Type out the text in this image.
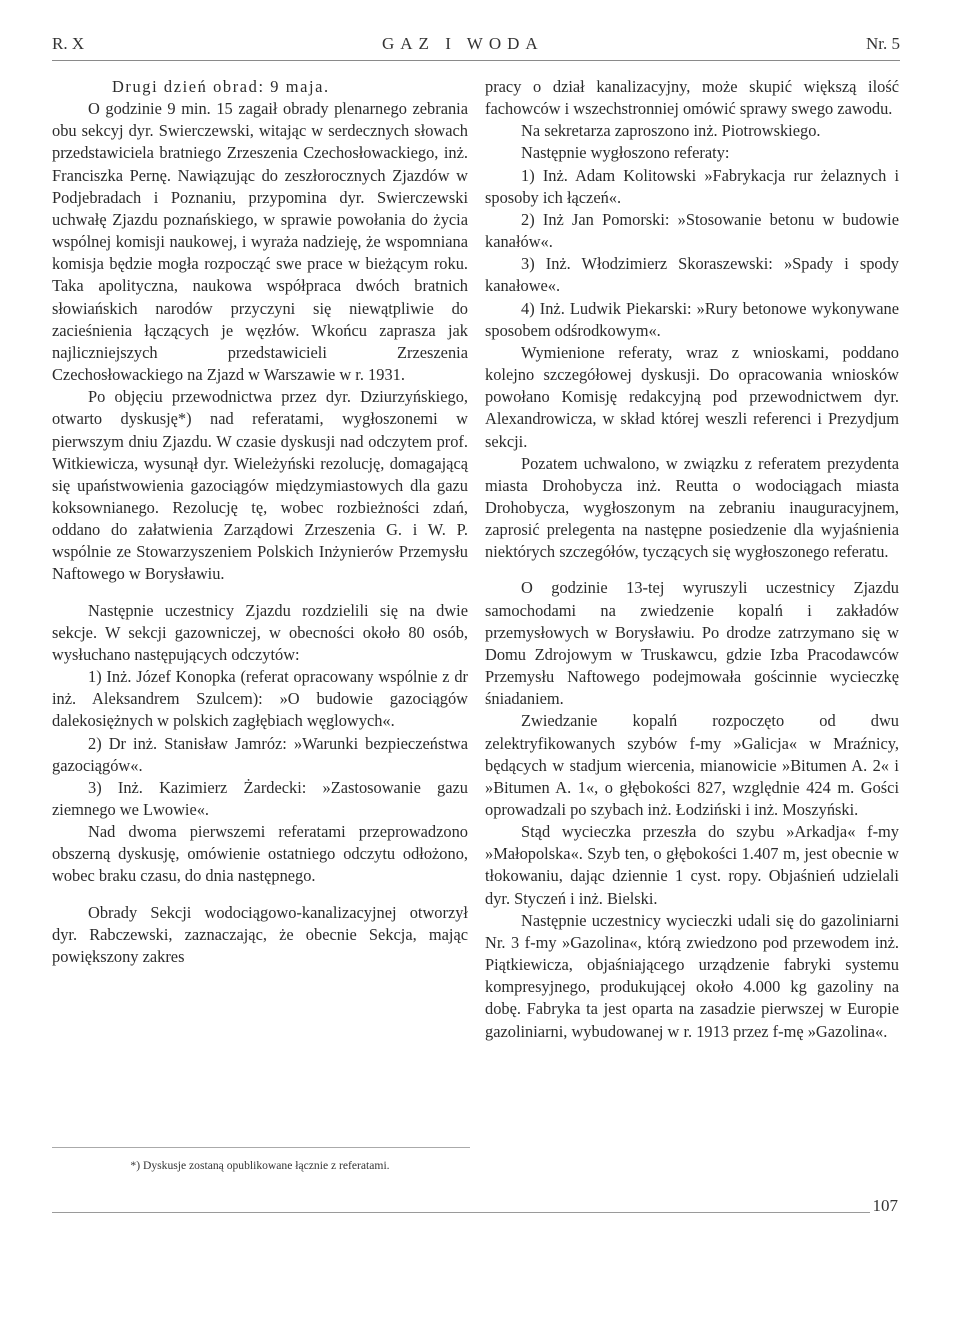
R. X	GAZ I WODA	Nr. 5

Drugi dzień obrad: 9 maja.

O godzinie 9 min. 15 zagaił obrady plenarnego zebrania obu sekcyj dyr. Swierczewski, witając w serdecznych słowach przedstawiciela bratniego Zrzeszenia Czechosłowackiego, inż. Franciszka Pernę. Nawiązując do zeszłorocznych Zjazdów w Podjebradach i Poznaniu, przypomina dyr. Swierczewski uchwałę Zjazdu poznańskiego, w sprawie powołania do życia wspólnej komisji naukowej, i wyraża nadzieję, że wspomniana komisja będzie mogła rozpocząć swe prace w bieżącym roku. Taka apolityczna, naukowa współpraca dwóch bratnich słowiańskich narodów przyczyni się niewątpliwie do zacieśnienia łączących je węzłów. Wkońcu zaprasza jak najliczniejszych przedstawicieli Zrzeszenia Czechosłowackiego na Zjazd w Warszawie w r. 1931.

Po objęciu przewodnictwa przez dyr. Dziurzyńskiego, otwarto dyskusję*) nad referatami, wygłoszonemi w pierwszym dniu Zjazdu. W czasie dyskusji nad odczytem prof. Witkiewicza, wysunął dyr. Wieleżyński rezolucję, domagającą się upaństwowienia gazociągów międzymiastowych dla gazu koksownianego. Rezolucję tę, wobec rozbieżności zdań, oddano do załatwienia Zarządowi Zrzeszenia G. i W. P. wspólnie ze Stowarzyszeniem Polskich Inżynierów Przemysłu Naftowego w Borysławiu.

Następnie uczestnicy Zjazdu rozdzielili się na dwie sekcje. W sekcji gazowniczej, w obecności około 80 osób, wysłuchano następujących odczytów:

1) Inż. Józef Konopka (referat opracowany wspólnie z dr inż. Aleksandrem Szulcem): »O budowie gazociągów dalekosiężnych w polskich zagłębiach węglowych«.

2) Dr inż. Stanisław Jamróz: »Warunki bezpieczeństwa gazociągów«.

3) Inż. Kazimierz Żardecki: »Zastosowanie gazu ziemnego we Lwowie«.

Nad dwoma pierwszemi referatami przeprowadzono obszerną dyskusję, omówienie ostatniego odczytu odłożono, wobec braku czasu, do dnia następnego.

Obrady Sekcji wodociągowo-kanalizacyjnej otworzył dyr. Rabczewski, zaznaczając, że obecnie Sekcja, mając powiększony zakres

*) Dyskusje zostaną opublikowane łącznie z referatami.

pracy o dział kanalizacyjny, może skupić większą ilość fachowców i wszechstronniej omówić sprawy swego zawodu.

Na sekretarza zaproszono inż. Piotrowskiego.

Następnie wygłoszono referaty:

1) Inż. Adam Kolitowski »Fabrykacja rur żelaznych i sposoby ich łączeń«.

2) Inż Jan Pomorski: »Stosowanie betonu w budowie kanałów«.

3) Inż. Włodzimierz Skoraszewski: »Spady i spody kanałowe«.

4) Inż. Ludwik Piekarski: »Rury betonowe wykonywane sposobem odśrodkowym«.

Wymienione referaty, wraz z wnioskami, poddano kolejno szczegółowej dyskusji. Do opracowania wniosków powołano Komisję redakcyjną pod przewodnictwem dyr. Alexandrowicza, w skład której weszli referenci i Prezydjum sekcji.

Pozatem uchwalono, w związku z referatem prezydenta miasta Drohobycza inż. Reutta o wodociągach miasta Drohobycza, wygłoszonym na zebraniu inauguracyjnem, zaprosić prelegenta na następne posiedzenie dla wyjaśnienia niektórych szczegółów, tyczących się wygłoszonego referatu.

O godzinie 13-tej wyruszyli uczestnicy Zjazdu samochodami na zwiedzenie kopalń i zakładów przemysłowych w Borysławiu. Po drodze zatrzymano się w Domu Zdrojowym w Truskawcu, gdzie Izba Pracodawców Przemysłu Naftowego podejmowała gościnnie wycieczkę śniadaniem.

Zwiedzanie kopalń rozpoczęto od dwu zelektryfikowanych szybów f-my »Galicja« w Mraźnicy, będących w stadjum wiercenia, mianowicie »Bitumen A. 2« i »Bitumen A. 1«, o głębokości 827, względnie 424 m. Gości oprowadzali po szybach inż. Łodziński i inż. Moszyński.

Stąd wycieczka przeszła do szybu »Arkadja« f-my »Małopolska«. Szyb ten, o głębokości 1.407 m, jest obecnie w tłokowaniu, dając dziennie 1 cyst. ropy. Objaśnień udzielali dyr. Styczeń i inż. Bielski.

Następnie uczestnicy wycieczki udali się do gazoliniarni Nr. 3 f-my »Gazolina«, którą zwiedzono pod przewodem inż. Piątkiewicza, objaśniającego urządzenie fabryki systemu kompresyjnego, produkującej około 4.000 kg gazoliny na dobę. Fabryka ta jest oparta na zasadzie pierwszej w Europie gazoliniarni, wybudowanej w r. 1913 przez f-mę »Gazolina«.

107
